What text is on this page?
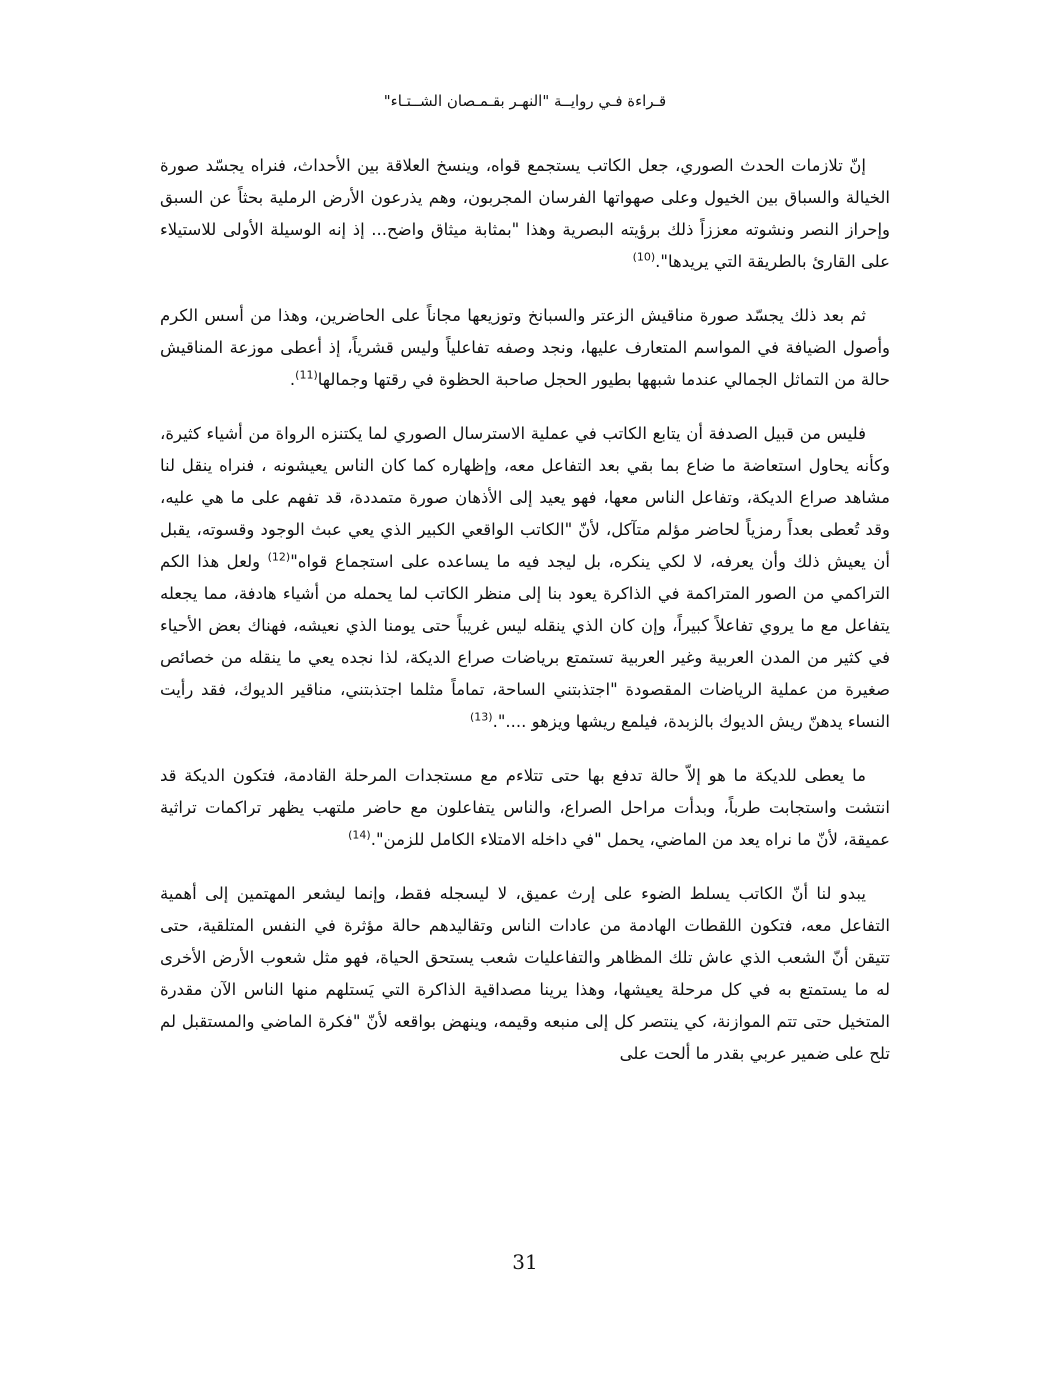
قـراءة فـي روايــة "النهـر بقـمـصان الشــتـاء"

إنّ تلازمات الحدث الصوري، جعل الكاتب يستجمع قواه، وينسخ العلاقة بين الأحداث، فنراه يجسّد صورة الخيالة والسباق بين الخيول وعلى صهواتها الفرسان المجربون، وهم يذرعون الأرض الرملية بحثاً عن السبق وإحراز النصر ونشوته معززاً ذلك برؤيته البصرية وهذا "بمثابة ميثاق واضح... إذ إنه الوسيلة الأولى للاستيلاء على القارئ بالطريقة التي يريدها".$^{(10)}$

ثم بعد ذلك يجسّد صورة مناقيش الزعتر والسبانخ وتوزيعها مجاناً على الحاضرين، وهذا من أسس الكرم وأصول الضيافة في المواسم المتعارف عليها، ونجد وصفه تفاعلياً وليس قشرياً، إذ أعطى موزعة المناقيش حالة من التماثل الجمالي عندما شبهها بطيور الحجل صاحبة الحظوة في رقتها وجمالها$^{(11)}$.

فليس من قبيل الصدفة أن يتابع الكاتب في عملية الاسترسال الصوري لما يكتنزه الرواة من أشياء كثيرة، وكأنه يحاول استعاضة ما ضاع بما بقي بعد التفاعل معه، وإظهاره كما كان الناس يعيشونه ، فنراه ينقل لنا مشاهد صراع الديكة، وتفاعل الناس معها، فهو يعيد إلى الأذهان صورة متمددة، قد تفهم على ما هي عليه، وقد تُعطى بعداً رمزياً لحاضر مؤلم متآكل، لأنّ "الكاتب الواقعي الكبير الذي يعي عبث الوجود وقسوته، يقبل أن يعيش ذلك وأن يعرفه، لا لكي ينكره، بل ليجد فيه ما يساعده على استجماع قواه"$^{(12)}$ ولعل هذا الكم التراكمي من الصور المتراكمة في الذاكرة يعود بنا إلى منظر الكاتب لما يحمله من أشياء هادفة، مما يجعله يتفاعل مع ما يروي تفاعلاً كبيراً، وإن كان الذي ينقله ليس غريباً حتى يومنا الذي نعيشه، فهناك بعض الأحياء في كثير من المدن العربية وغير العربية تستمتع برياضات صراع الديكة، لذا نجده يعي ما ينقله من خصائص صغيرة من عملية الرياضات المقصودة "اجتذبتني الساحة، تماماً مثلما اجتذبتني، مناقير الديوك، فقد رأيت النساء يدهنّ ريش الديوك بالزبدة، فيلمع ريشها ويزهو ....".$^{(13)}$

ما يعطى للديكة ما هو إلاّ حالة تدفع بها حتى تتلاءم مع مستجدات المرحلة القادمة، فتكون الديكة قد انتشت واستجابت طرباً، وبدأت مراحل الصراع، والناس يتفاعلون مع حاضر ملتهب يظهر تراكمات تراثية عميقة، لأنّ ما نراه يعد من الماضي، يحمل "في داخله الامتلاء الكامل للزمن".$^{(14)}$

يبدو لنا أنّ الكاتب يسلط الضوء على إرث عميق، لا ليسجله فقط، وإنما ليشعر المهتمين إلى أهمية التفاعل معه، فتكون اللقطات الهادمة من عادات الناس وتقاليدهم حالة مؤثرة في النفس المتلقية، حتى تتيقن أنّ الشعب الذي عاش تلك المظاهر والتفاعليات شعب يستحق الحياة، فهو مثل شعوب الأرض الأخرى له ما يستمتع به في كل مرحلة يعيشها، وهذا يرينا مصداقية الذاكرة التي يَستلهم منها الناس الآن مقدرة المتخيل حتى تتم الموازنة، كي ينتصر كل إلى منبعه وقيمه، وينهض بواقعه لأنّ "فكرة الماضي والمستقبل لم تلح على ضمير عربي بقدر ما ألحت على

31
